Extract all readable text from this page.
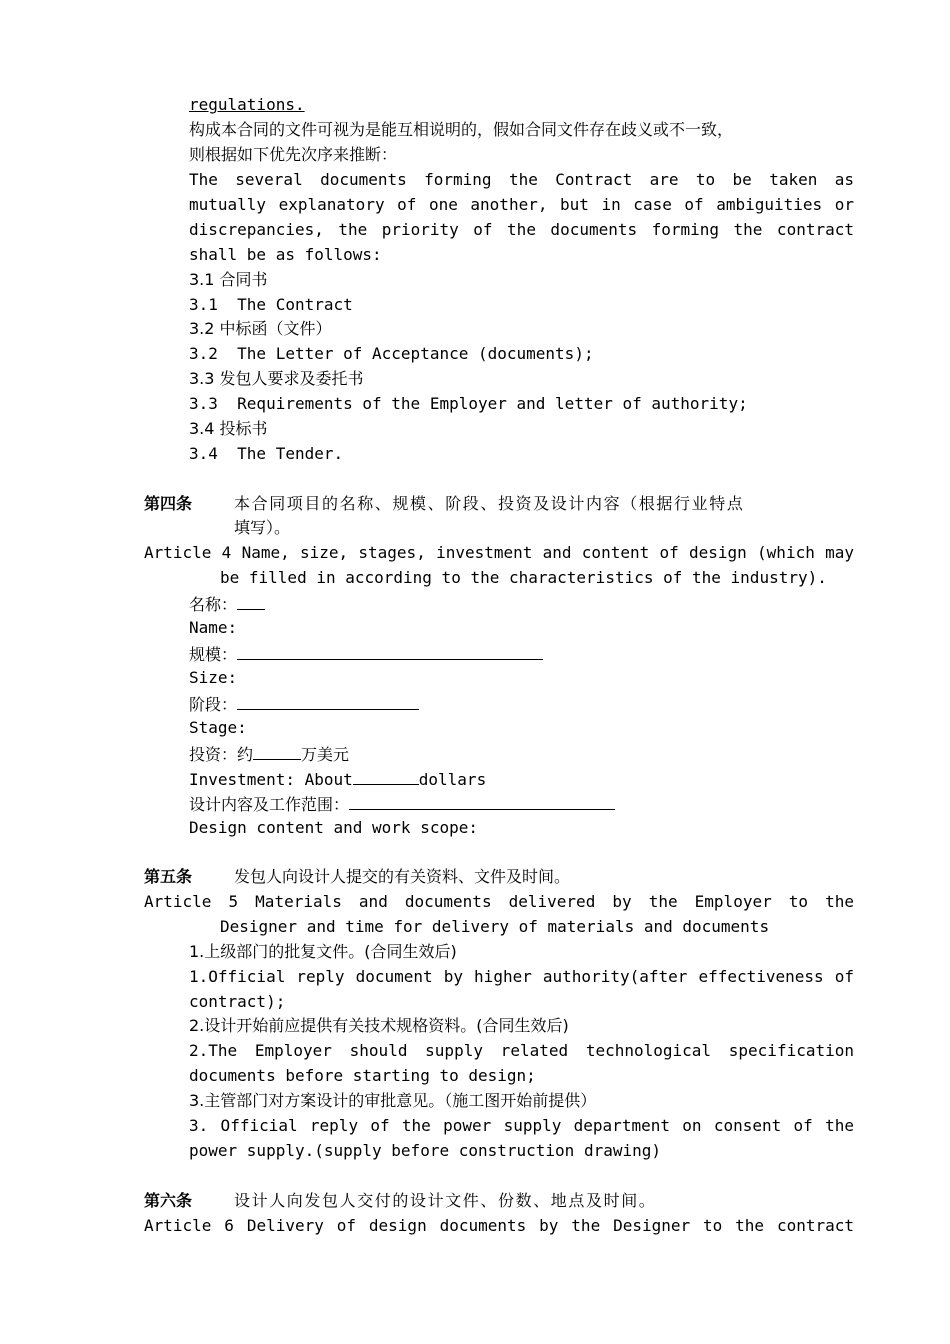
regulations.
构成本合同的文件可视为是能互相说明的，假如合同文件存在歧义或不一致，
则根据如下优先次序来推断：
The several documents forming the Contract are to be taken as
mutually explanatory of one another, but in case of ambiguities or
discrepancies, the priority of the documents forming the contract
shall be as follows:
3.1 合同书
3.1  The Contract
3.2 中标函（文件）
3.2  The Letter of Acceptance (documents);
3.3 发包人要求及委托书
3.3  Requirements of the Employer and letter of authority;
3.4 投标书
3.4  The Tender.
第四条	本合同项目的名称、规模、阶段、投资及设计内容（根据行业特点
填写）。
Article 4 Name, size, stages, investment and content of design (which may
be filled in according to the characteristics of the industry).
名称：
Name:
规模：
Size:
阶段：
Stage:
投资：约	万美元
Investment: About	dollars
设计内容及工作范围：
Design content and work scope:
第五条	发包人向设计人提交的有关资料、文件及时间。
Article 5 Materials and documents delivered by the Employer to the
Designer and time for delivery of materials and documents
1.上级部门的批复文件。(合同生效后)
1.Official reply document by higher authority(after effectiveness of
contract);
2.设计开始前应提供有关技术规格资料。(合同生效后)
2.The Employer should supply related technological specification
documents before starting to design;
3.主管部门对方案设计的审批意见。（施工图开始前提供）
3. Official reply of the power supply department on consent of the
power supply.(supply before construction drawing)
第六条	设计人向发包人交付的设计文件、份数、地点及时间。
Article 6 Delivery of design documents by the Designer to the contract
